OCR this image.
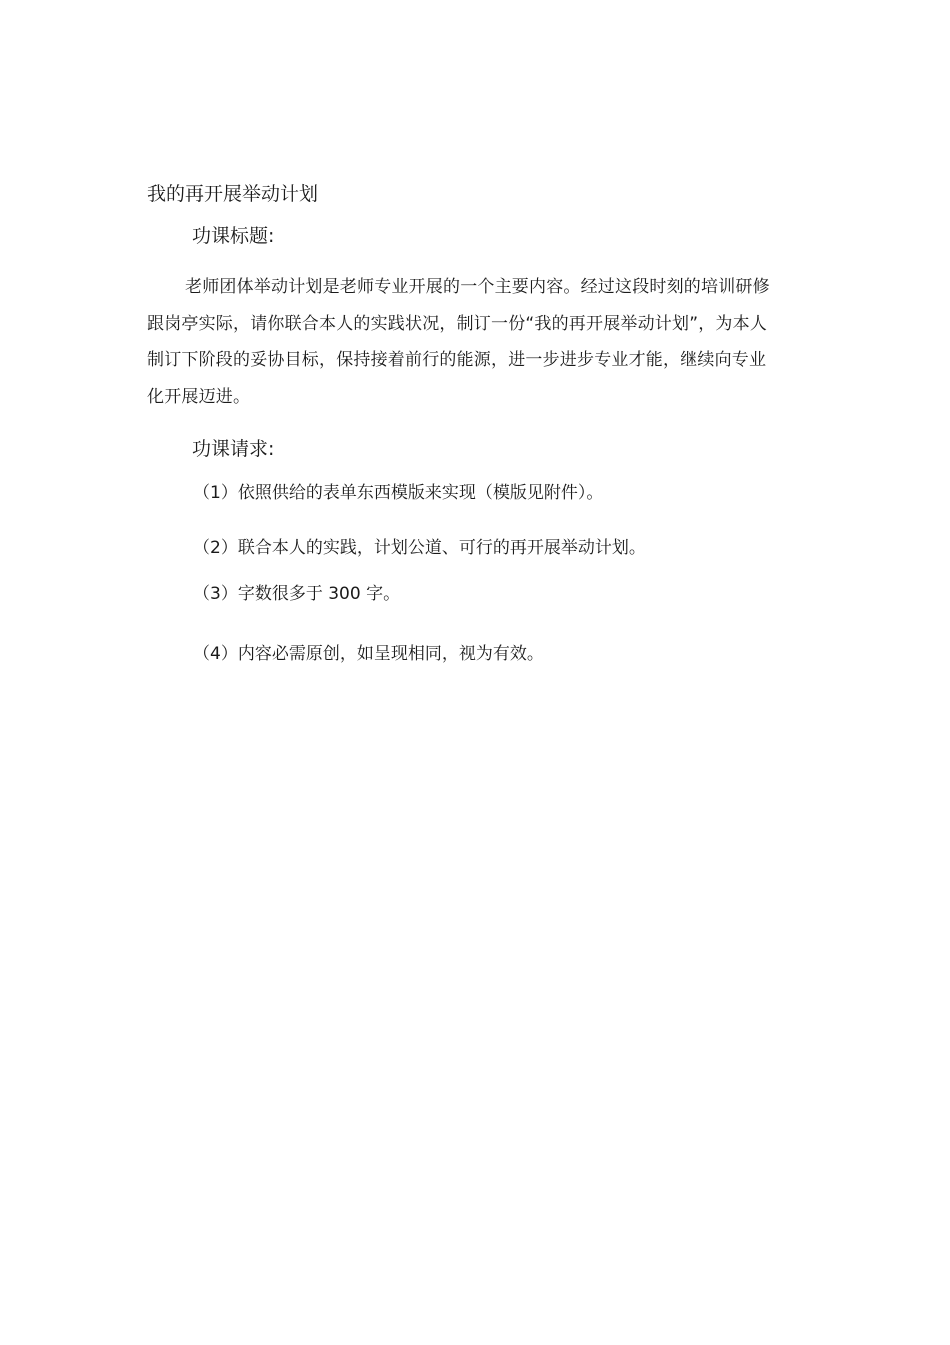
我的再开展举动计划
功课标题:

老师团体举动计划是老师专业开展的一个主要内容。经过这段时刻的培训研修跟岗亭实际，请你联合本人的实践状况，制订一份“我的再开展举动计划”，为本人制订下阶段的妥协目标，保持接着前行的能源，进一步进步专业才能，继续向专业化开展迈进。

功课请求:
（1）依照供给的表单东西模版来实现（模版见附件）。
（2）联合本人的实践，计划公道、可行的再开展举动计划。
（3）字数很多于 300 字。
（4）内容必需原创，如呈现相同，视为有效。
